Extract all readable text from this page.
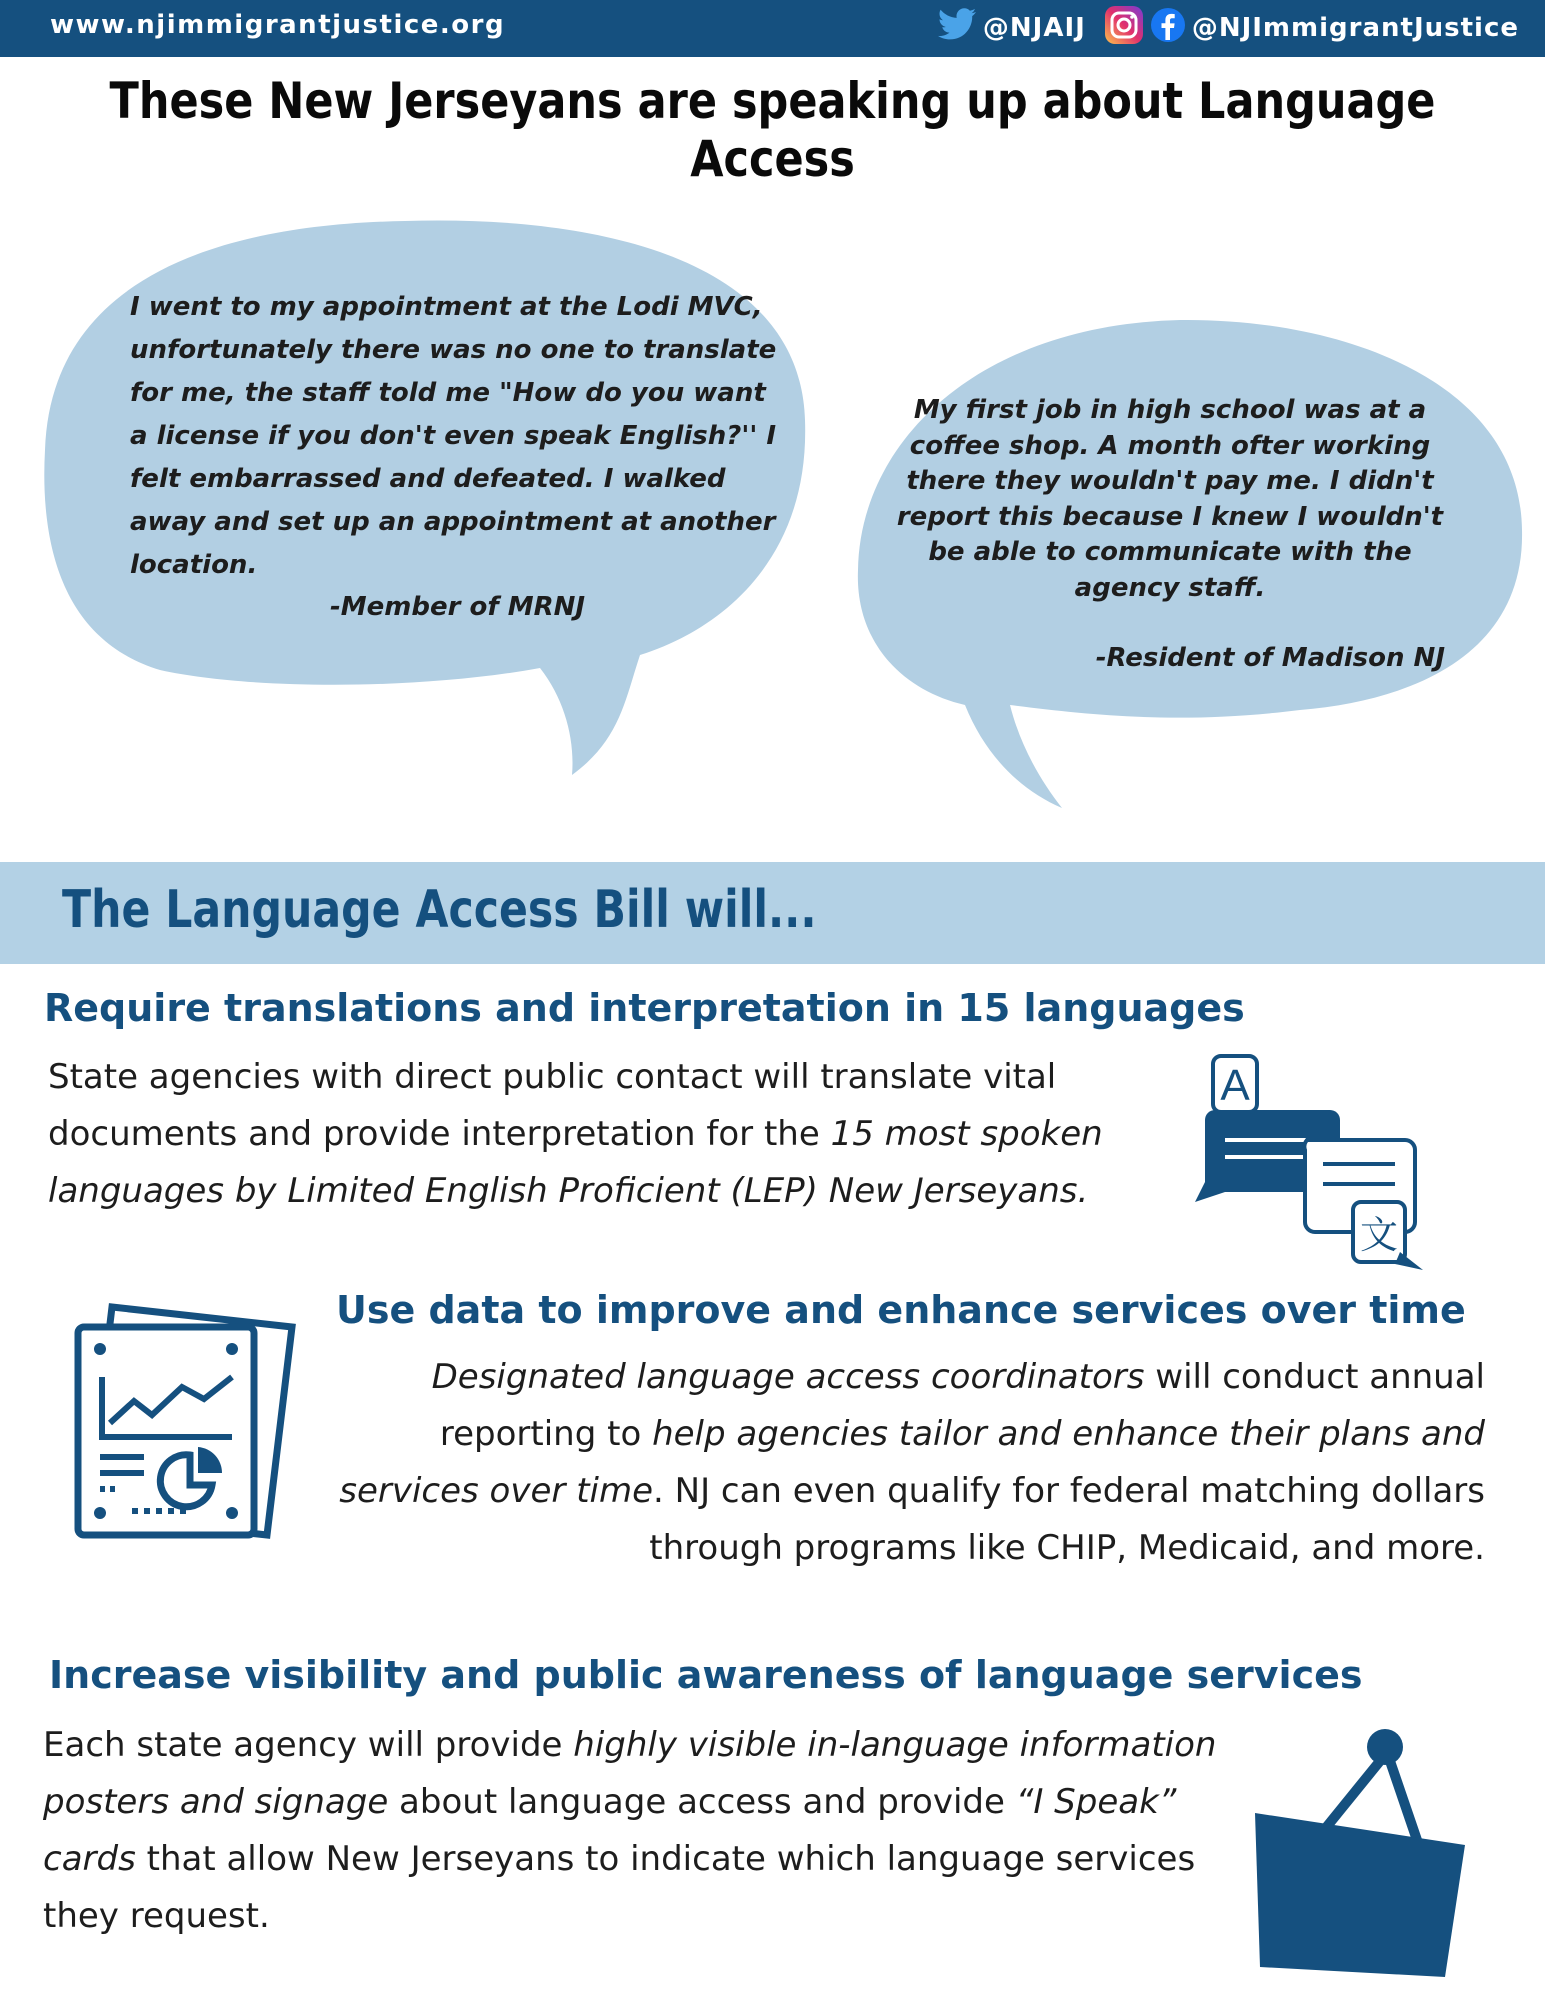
www.njimmigrantjustice.org	@NJAIJ	@NJImmigrantJustice
These New Jerseyans are speaking up about Language Access
I went to my appointment at the Lodi MVC, unfortunately there was no one to translate for me, the staff told me "How do you want a license if you don't even speak English?'' I felt embarrassed and defeated. I walked away and set up an appointment at another location.
-Member of MRNJ
My first job in high school was at a coffee shop. A month ofter working there they wouldn't pay me. I didn't report this because I knew I wouldn't be able to communicate with the agency staff.
-Resident of Madison NJ
The Language Access Bill will...
Require translations and interpretation in 15 languages
State agencies with direct public contact will translate vital documents and provide interpretation for the 15 most spoken languages by Limited English Proficient (LEP) New Jerseyans.
A
文
Use data to improve and enhance services over time
Designated language access coordinators will conduct annual reporting to help agencies tailor and enhance their plans and services over time. NJ can even qualify for federal matching dollars through programs like CHIP, Medicaid, and more.
Increase visibility and public awareness of language services
Each state agency will provide highly visible in-language information posters and signage about language access and provide “I Speak” cards that allow New Jerseyans to indicate which language services they request.
